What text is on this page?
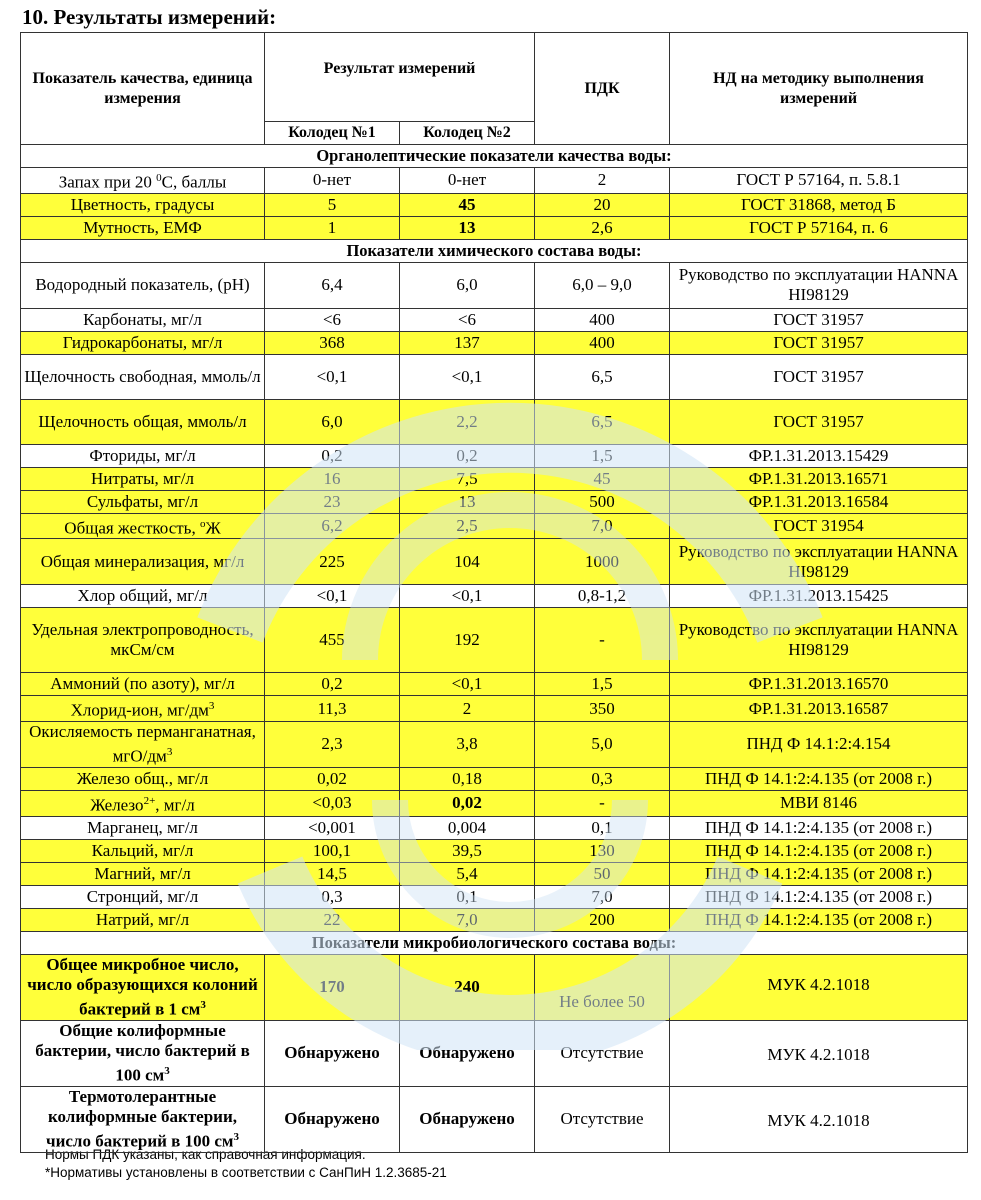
10. Результаты измерений:
Показатель качества, единица измерения	Результат измерений		ПДК	НД на методику выполнения измерений
	Колодец №1	Колодец №2		
Органолептические показатели качества воды:				
Запах при 20 $^0$С, баллы	0-нет	0-нет	2	ГОСТ Р 57164, п. 5.8.1
Цветность, градусы	5	45	20	ГОСТ 31868, метод Б
Мутность, ЕМФ	1	13	2,6	ГОСТ Р 57164, п. 6
Показатели химического состава воды:				
Водородный показатель, (pH)	6,4	6,0	6,0 – 9,0	Руководство по эксплуатации HANNA HI98129
Карбонаты, мг/л	<6	<6	400	ГОСТ 31957
Гидрокарбонаты, мг/л	368	137	400	ГОСТ 31957
Щелочность свободная, ммоль/л	<0,1	<0,1	6,5	ГОСТ 31957
Щелочность общая, ммоль/л	6,0	2,2	6,5	ГОСТ 31957
Фториды, мг/л	0,2	0,2	1,5	ФР.1.31.2013.15429
Нитраты, мг/л	16	7,5	45	ФР.1.31.2013.16571
Сульфаты, мг/л	23	13	500	ФР.1.31.2013.16584
Общая жесткость, $^о$Ж	6,2	2,5	7,0	ГОСТ 31954
Общая минерализация, мг/л	225	104	1000	Руководство по эксплуатации HANNA HI98129
Хлор общий, мг/л	<0,1	<0,1	0,8-1,2	ФР.1.31.2013.15425
Удельная электропроводность, мкСм/см	455	192	-	Руководство по эксплуатации HANNA HI98129
Аммоний (по азоту), мг/л	0,2	<0,1	1,5	ФР.1.31.2013.16570
Хлорид-ион, $мг/дм^3$	11,3	2	350	ФР.1.31.2013.16587
Окисляемость перманганатная, мгО/$дм^3$	2,3	3,8	5,0	ПНД Ф 14.1:2:4.154
Железо общ., мг/л	0,02	0,18	0,3	ПНД Ф 14.1:2:4.135 (от 2008 г.)
Железо$^{2+}$, мг/л	<0,03	0,02	-	МВИ 8146
Марганец, мг/л	<0,001	0,004	0,1	ПНД Ф 14.1:2:4.135 (от 2008 г.)
Кальций, мг/л	100,1	39,5	130	ПНД Ф 14.1:2:4.135 (от 2008 г.)
Магний, мг/л	14,5	5,4	50	ПНД Ф 14.1:2:4.135 (от 2008 г.)
Стронций, мг/л	0,3	0,1	7,0	ПНД Ф 14.1:2:4.135 (от 2008 г.)
Натрий, мг/л	22	7,0	200	ПНД Ф 14.1:2:4.135 (от 2008 г.)
Показатели микробиологического состава воды:				
Общее микробное число, число образующихся колоний бактерий в 1 $см^3$	170	240	Не более 50	МУК 4.2.1018
Общие колиформные бактерии, число бактерий в 100 $см^3$	Обнаружено	Обнаружено	Отсутствие	МУК 4.2.1018
Термотолерантные колиформные бактерии, число бактерий в 100 $см^3$	Обнаружено	Обнаружено	Отсутствие	МУК 4.2.1018
Нормы ПДК указаны, как справочная информация.
*Нормативы установлены в соответствии с СанПиН 1.2.3685-21
